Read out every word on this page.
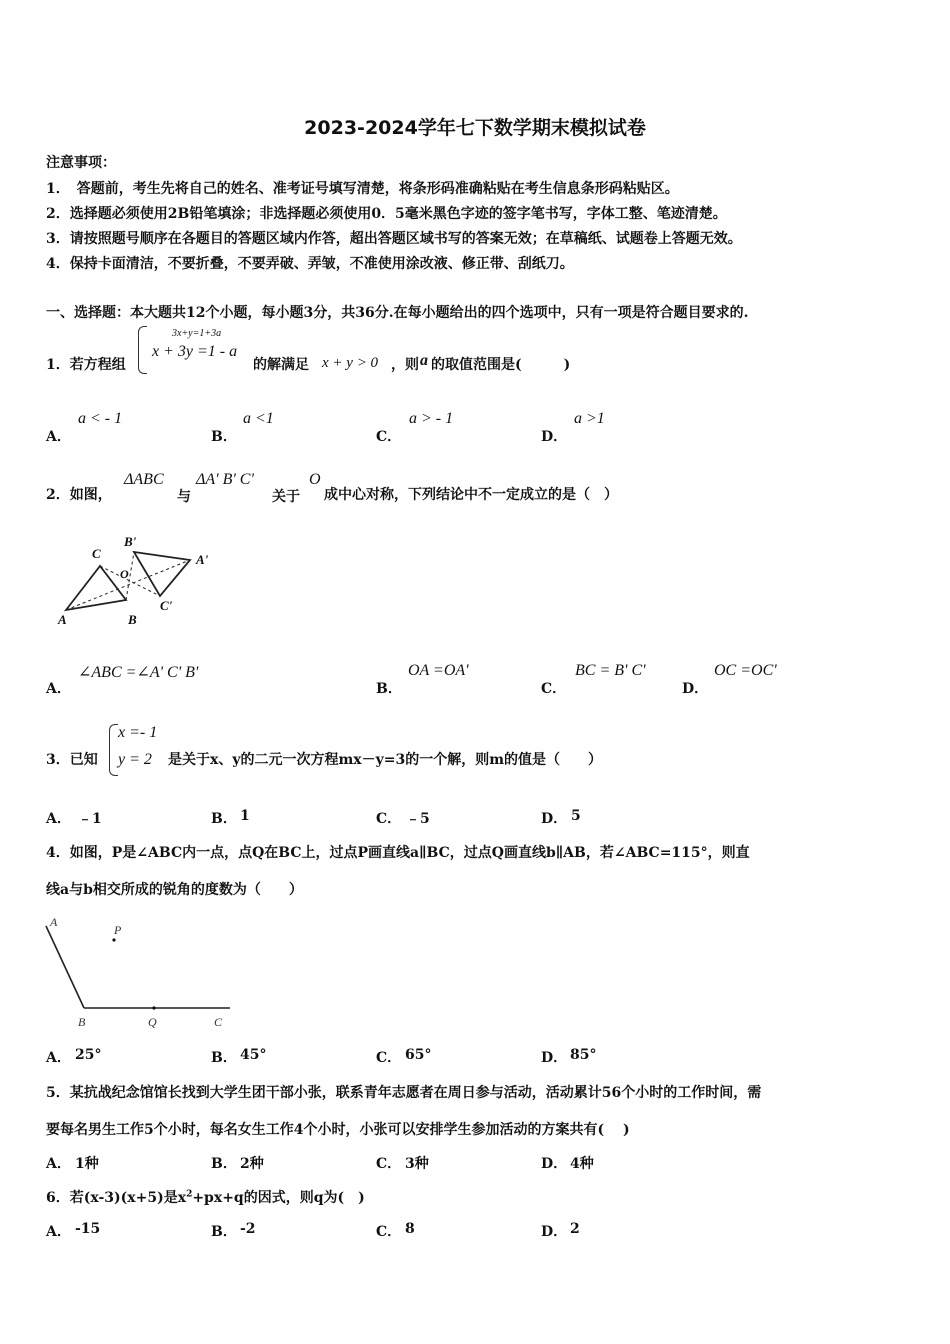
2023-2024学年七下数学期末模拟试卷
注意事项：
1．　答题前，考生先将自己的姓名、准考证号填写清楚，将条形码准确粘贴在考生信息条形码粘贴区。
2．选择题必须使用2B铅笔填涂；非选择题必须使用0．5毫米黑色字迹的签字笔书写，字体工整、笔迹清楚。
3．请按照题号顺序在各题目的答题区域内作答，超出答题区域书写的答案无效；在草稿纸、试题卷上答题无效。
4．保持卡面清洁，不要折叠，不要弄破、弄皱，不准使用涂改液、修正带、刮纸刀。
一、选择题：本大题共12个小题，每小题3分，共36分.在每小题给出的四个选项中，只有一项是符合题目要求的.
1．若方程组
3x+y=1+3a
x + 3y =1 - a
的解满足 x + y > 0 ，则 a 的取值范围是(　　　)
A．
a < - 1
B．
a <1
C．
a > - 1
D．
a >1
2．如图，
ΔABC
与
ΔA' B' C'
关于
O
成中心对称，下列结论中不一定成立的是（　）
A	B
C	A'
B'
C'
O
A．
∠ABC =∠A' C' B'
B．
OA =OA'
C．
BC = B' C'
D．
OC =OC'
3．已知
x =- 1
y = 2 是关于x、y的二元一次方程mx－y=3的一个解，则m的值是（　　）
A． ﹣1	B． 1	C． ﹣5	D． 5
4．如图，P是∠ABC内一点，点Q在BC上，过点P画直线a∥BC，过点Q画直线b∥AB，若∠ABC=115°，则直
线a与b相交所成的锐角的度数为（　　）
A
P
B	Q	C
A． 25°	B． 45°	C． 65°	D． 85°
5．某抗战纪念馆馆长找到大学生团干部小张，联系青年志愿者在周日参与活动，活动累计56个小时的工作时间，需
要每名男生工作5个小时，每名女生工作4个小时，小张可以安排学生参加活动的方案共有(　 )
A． 1种	B． 2种	C． 3种	D． 4种
6．若(x-3)(x+5)是$x^2+px+q$的因式，则q为(　)
A． -15	B． -2	C． 8	D． 2
